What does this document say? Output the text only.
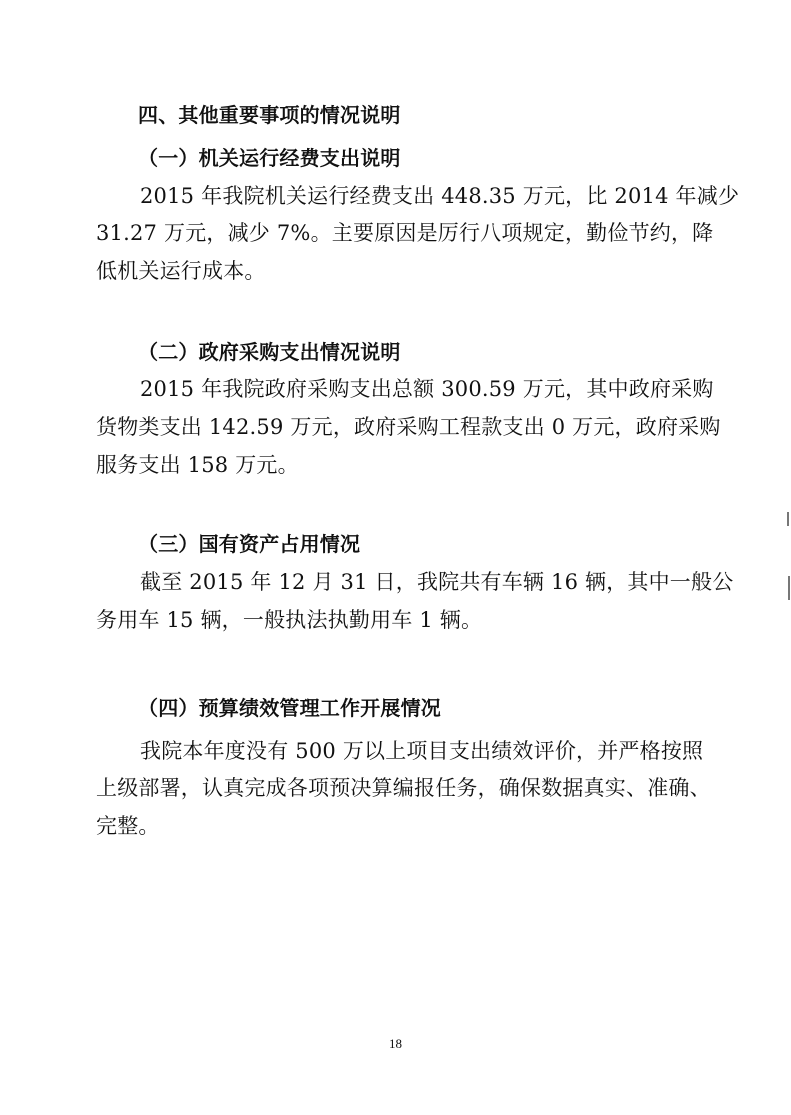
四、其他重要事项的情况说明
（一）机关运行经费支出说明
2015 年我院机关运行经费支出 448.35 万元，比 2014 年减少
31.27 万元，减少 7%。主要原因是厉行八项规定，勤俭节约，降
低机关运行成本。
（二）政府采购支出情况说明
2015 年我院政府采购支出总额 300.59 万元，其中政府采购
货物类支出 142.59 万元，政府采购工程款支出 0 万元，政府采购
服务支出 158 万元。
（三）国有资产占用情况
截至 2015 年 12 月 31 日，我院共有车辆 16 辆，其中一般公
务用车 15 辆，一般执法执勤用车 1 辆。
（四）预算绩效管理工作开展情况
我院本年度没有 500 万以上项目支出绩效评价，并严格按照
上级部署，认真完成各项预决算编报任务，确保数据真实、准确、
完整。
18
